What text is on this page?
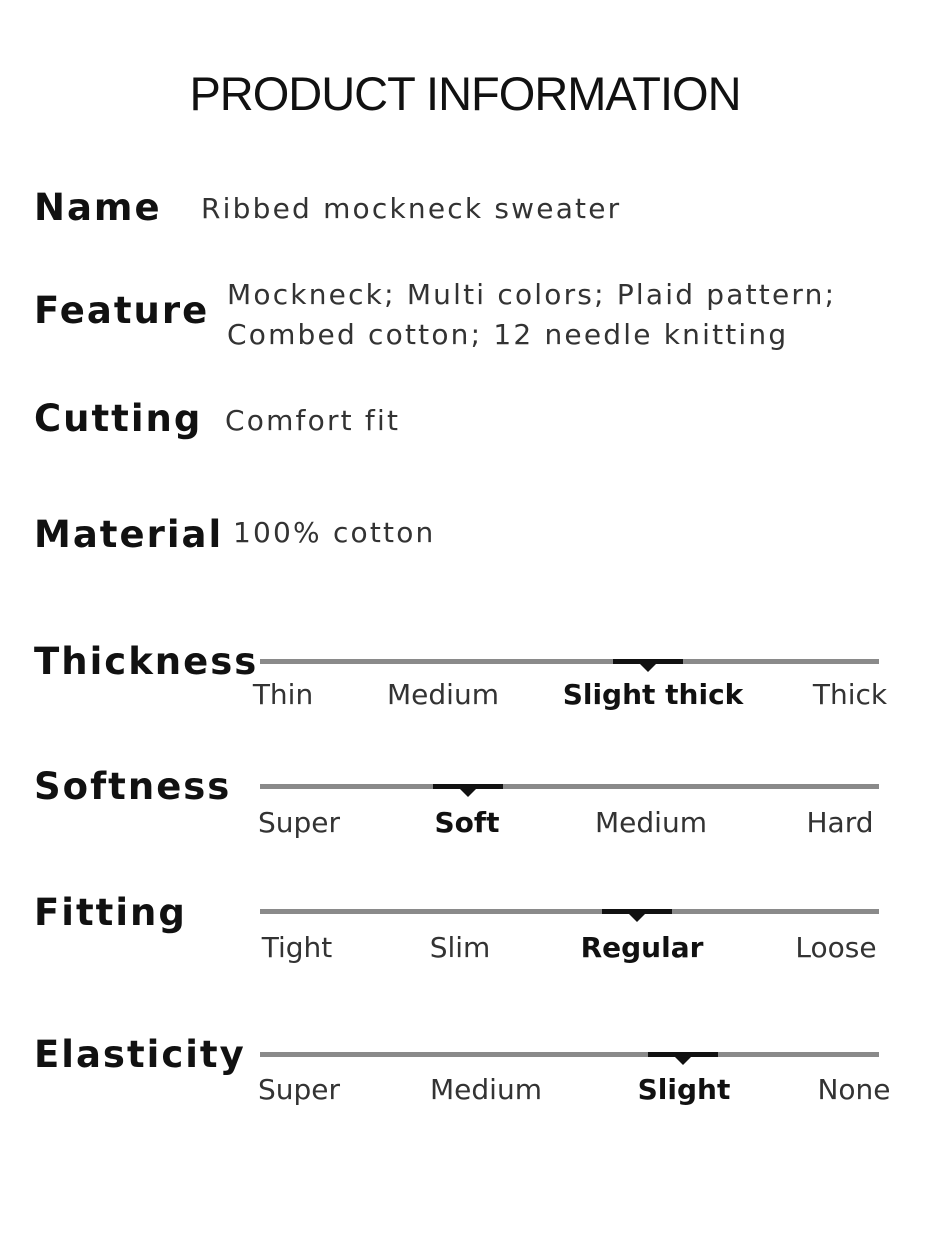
PRODUCT INFORMATION
Name Ribbed mockneck sweater
Feature Mockneck; Multi colors; Plaid pattern;
Combed cotton; 12 needle knitting
Cutting Comfort fit
Material 100% cotton
Thickness
Thin	Medium Slight thick Thick
Softness
Super	Soft	Medium	Hard
Fitting
Tight	Slim	Regular	Loose
Elasticity
Super	Medium	Slight	None
